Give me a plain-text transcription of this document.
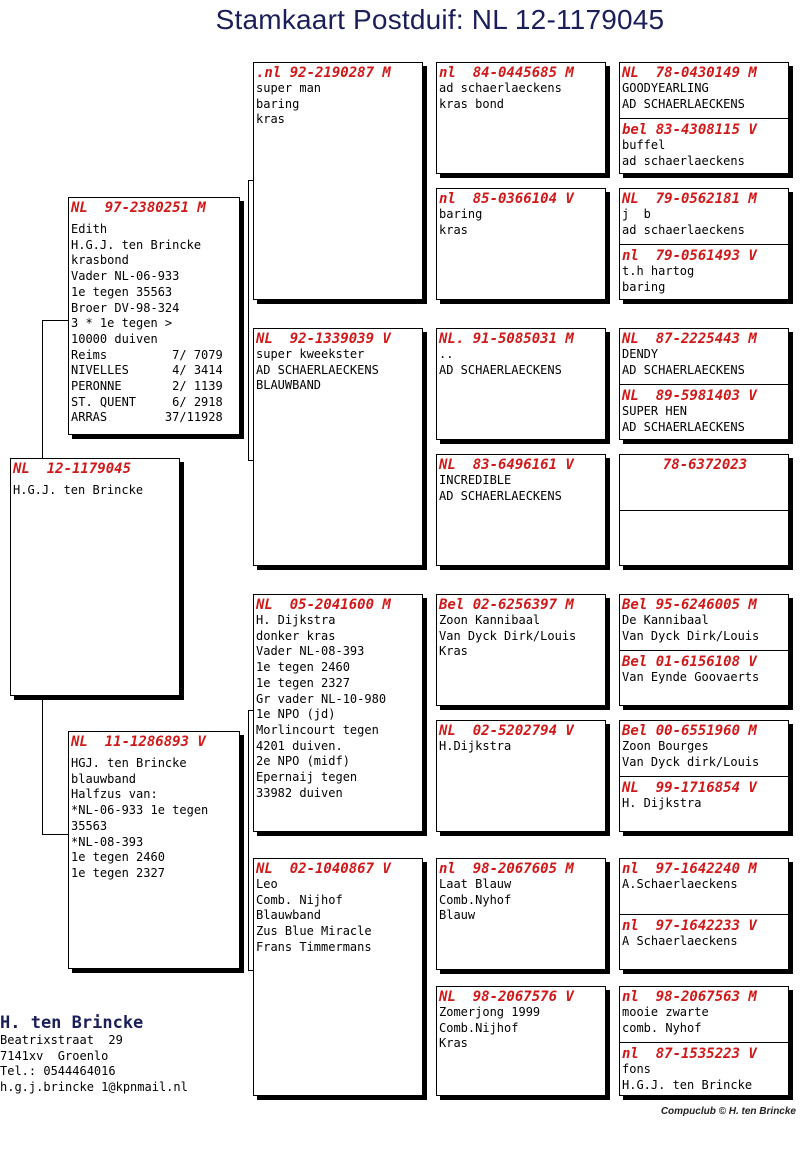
Stamkaart Postduif: NL 12-1179045
NL  12-1179045
H.G.J. ten Brincke
NL  97-2380251 M
Edith
H.G.J. ten Brincke
krasbond
Vader NL-06-933
1e tegen 35563
Broer DV-98-324
3 * 1e tegen >
10000 duiven
Reims         7/ 7079
NIVELLES      4/ 3414
PERONNE       2/ 1139
ST. QUENT     6/ 2918
ARRAS        37/11928
NL  11-1286893 V
HGJ. ten Brincke
blauwband
Halfzus van:
*NL-06-933 1e tegen
35563
*NL-08-393
1e tegen 2460
1e tegen 2327
.nl 92-2190287 M
super man
baring
kras
NL  92-1339039 V
super kweekster
AD SCHAERLAECKENS
BLAUWBAND
NL  05-2041600 M
H. Dijkstra
donker kras
Vader NL-08-393
1e tegen 2460
1e tegen 2327
Gr vader NL-10-980
1e NPO (jd)
Morlincourt tegen
4201 duiven.
2e NPO (midf)
Epernaij tegen
33982 duiven
NL  02-1040867 V
Leo
Comb. Nijhof
Blauwband
Zus Blue Miracle
Frans Timmermans
nl  84-0445685 M
ad schaerlaeckens
kras bond
nl  85-0366104 V
baring
kras
NL. 91-5085031 M
..
AD SCHAERLAECKENS
NL  83-6496161 V
INCREDIBLE
AD SCHAERLAECKENS
Bel 02-6256397 M
Zoon Kannibaal
Van Dyck Dirk/Louis
Kras
NL  02-5202794 V
H.Dijkstra
nl  98-2067605 M
Laat Blauw
Comb.Nyhof
Blauw
NL  98-2067576 V
Zomerjong 1999
Comb.Nijhof
Kras
NL  78-0430149 M
GOODYEARLING
AD SCHAERLAECKENS
bel 83-4308115 V
buffel
ad schaerlaeckens
NL  79-0562181 M
j  b
ad schaerlaeckens
nl  79-0561493 V
t.h hartog
baring
NL  87-2225443 M
DENDY
AD SCHAERLAECKENS
NL  89-5981403 V
SUPER HEN
AD SCHAERLAECKENS
78-6372023
Bel 95-6246005 M
De Kannibaal
Van Dyck Dirk/Louis
Bel 01-6156108 V
Van Eynde Goovaerts
Bel 00-6551960 M
Zoon Bourges
Van Dyck dirk/Louis
NL  99-1716854 V
H. Dijkstra
nl  97-1642240 M
A.Schaerlaeckens
nl  97-1642233 V
A Schaerlaeckens
nl  98-2067563 M
mooie zwarte
comb. Nyhof
nl  87-1535223 V
fons
H.G.J. ten Brincke
H. ten Brincke
Beatrixstraat  29
7141xv  Groenlo
Tel.: 0544464016
h.g.j.brincke 1@kpnmail.nl
Compuclub © H. ten Brincke
